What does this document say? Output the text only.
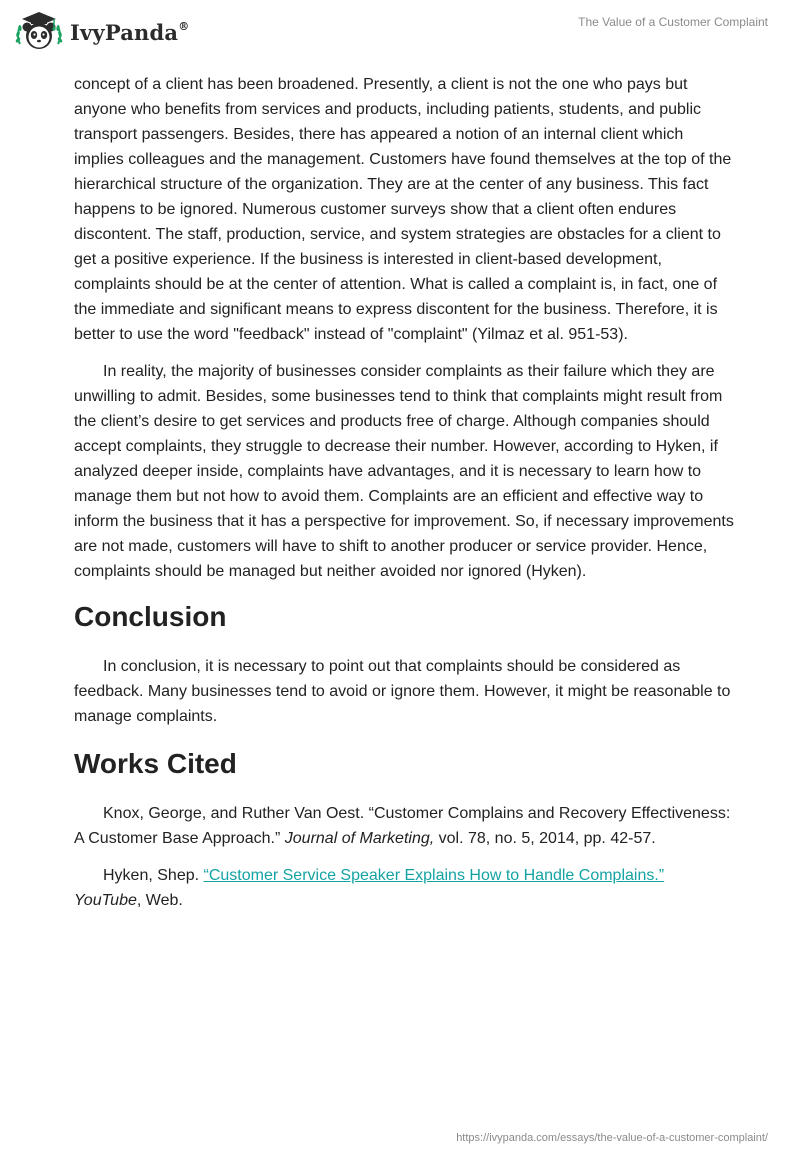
IvyPanda®	The Value of a Customer Complaint

concept of a client has been broadened. Presently, a client is not the one who pays but anyone who benefits from services and products, including patients, students, and public transport passengers. Besides, there has appeared a notion of an internal client which implies colleagues and the management. Customers have found themselves at the top of the hierarchical structure of the organization. They are at the center of any business. This fact happens to be ignored. Numerous customer surveys show that a client often endures discontent. The staff, production, service, and system strategies are obstacles for a client to get a positive experience. If the business is interested in client-based development, complaints should be at the center of attention. What is called a complaint is, in fact, one of the immediate and significant means to express discontent for the business. Therefore, it is better to use the word "feedback" instead of "complaint" (Yilmaz et al. 951-53).

In reality, the majority of businesses consider complaints as their failure which they are unwilling to admit. Besides, some businesses tend to think that complaints might result from the client’s desire to get services and products free of charge. Although companies should accept complaints, they struggle to decrease their number. However, according to Hyken, if analyzed deeper inside, complaints have advantages, and it is necessary to learn how to manage them but not how to avoid them. Complaints are an efficient and effective way to inform the business that it has a perspective for improvement. So, if necessary improvements are not made, customers will have to shift to another producer or service provider. Hence, complaints should be managed but neither avoided nor ignored (Hyken).

Conclusion

In conclusion, it is necessary to point out that complaints should be considered as feedback. Many businesses tend to avoid or ignore them. However, it might be reasonable to manage complaints.

Works Cited

Knox, George, and Ruther Van Oest. “Customer Complains and Recovery Effectiveness: A Customer Base Approach.” Journal of Marketing, vol. 78, no. 5, 2014, pp. 42-57.

Hyken, Shep. “Customer Service Speaker Explains How to Handle Complains.”
YouTube, Web.

https://ivypanda.com/essays/the-value-of-a-customer-complaint/
